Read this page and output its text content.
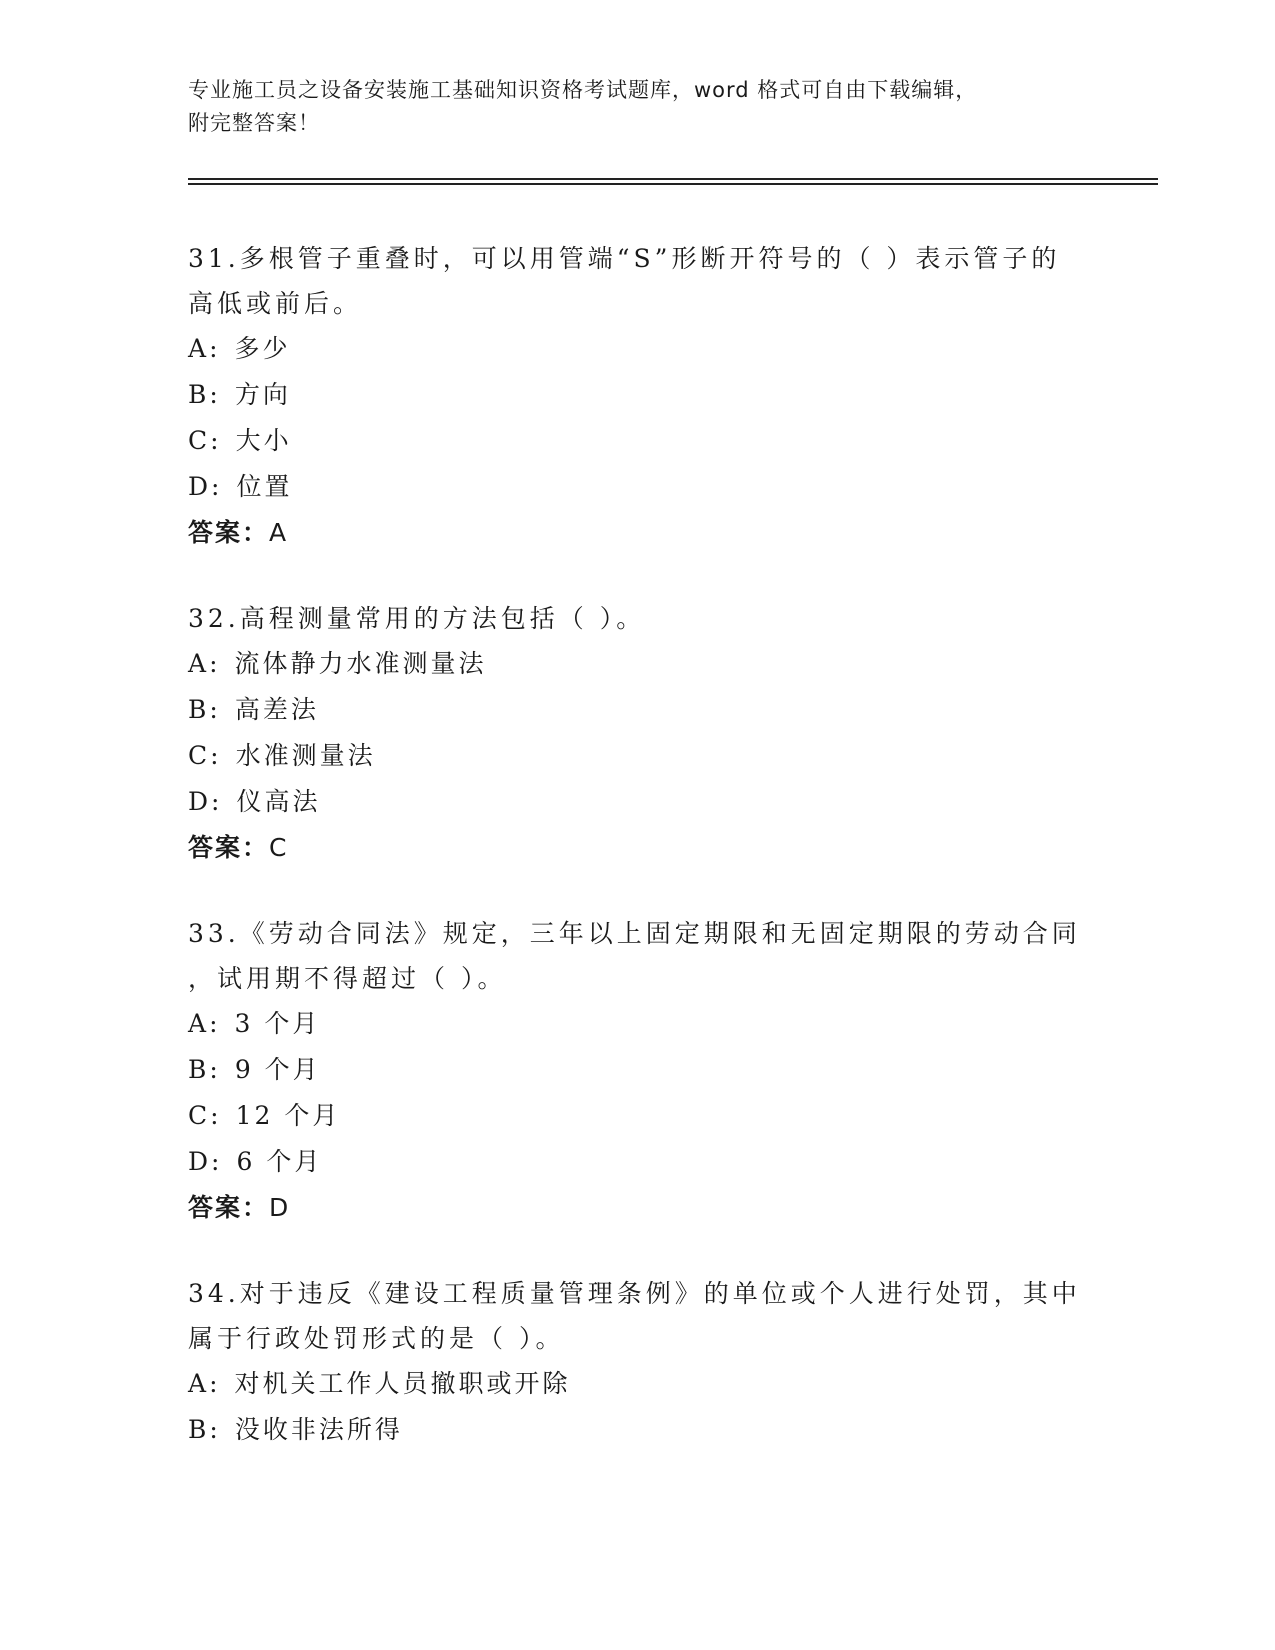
专业施工员之设备安装施工基础知识资格考试题库，word 格式可自由下载编辑，
附完整答案！
31.多根管子重叠时，可以用管端“S”形断开符号的（ ）表示管子的
高低或前后。
A: 多少
B: 方向
C: 大小
D: 位置
答案：A
32.高程测量常用的方法包括（ ）。
A: 流体静力水准测量法
B: 高差法
C: 水准测量法
D: 仪高法
答案：C
33.《劳动合同法》规定，三年以上固定期限和无固定期限的劳动合同
，试用期不得超过（ ）。
A: 3 个月
B: 9 个月
C: 12 个月
D: 6 个月
答案：D
34.对于违反《建设工程质量管理条例》的单位或个人进行处罚，其中
属于行政处罚形式的是（ ）。
A: 对机关工作人员撤职或开除
B: 没收非法所得
